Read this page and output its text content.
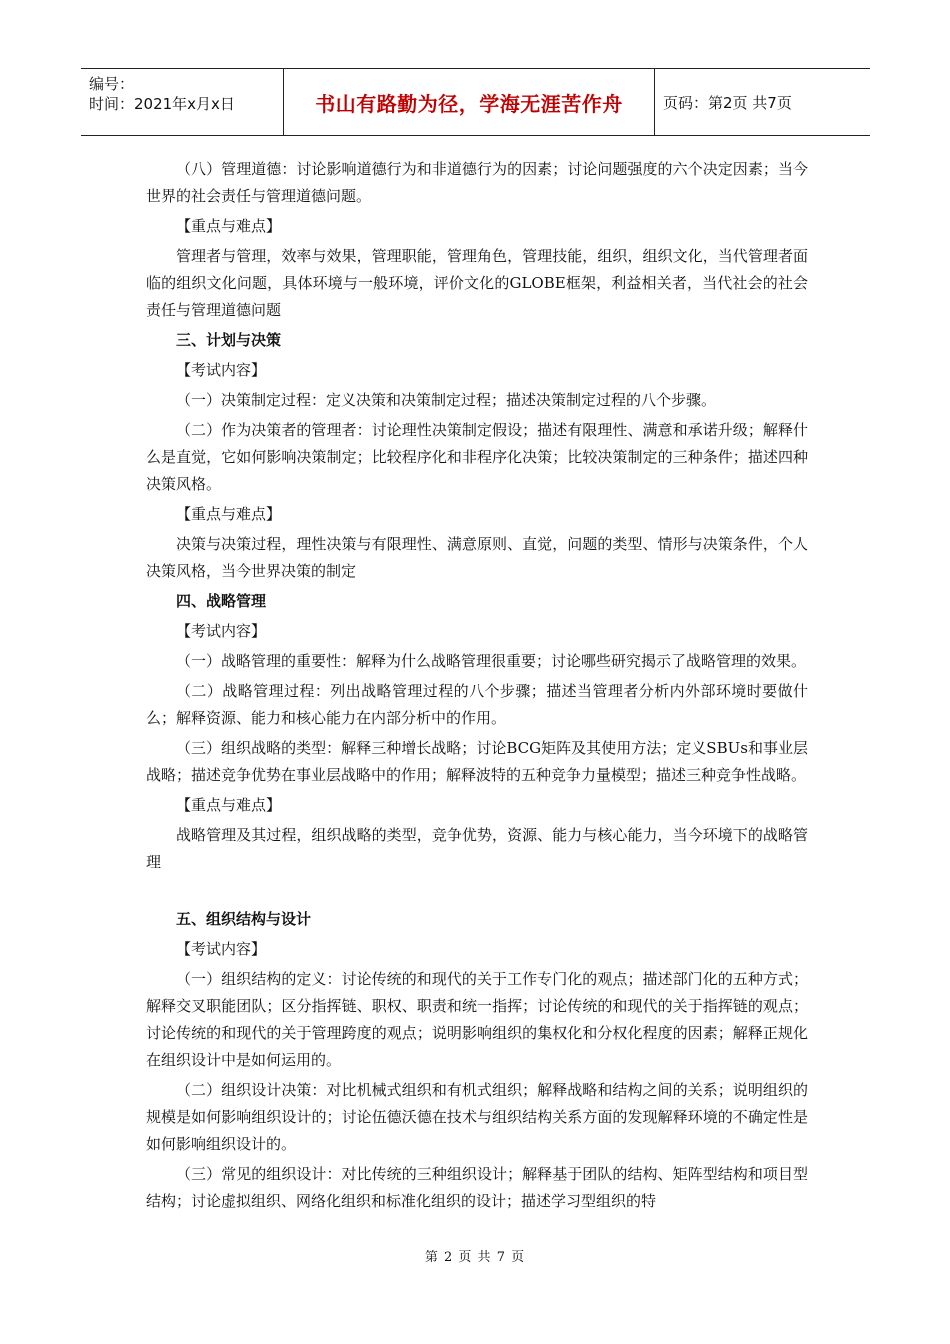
编号：
时间：2021年x月x日	书山有路勤为径，学海无涯苦作舟	页码：第2页 共7页
（八）管理道德：讨论影响道德行为和非道德行为的因素；讨论问题强度的六个决定因素；当今世界的社会责任与管理道德问题。
【重点与难点】
管理者与管理，效率与效果，管理职能，管理角色，管理技能，组织，组织文化，当代管理者面临的组织文化问题，具体环境与一般环境，评价文化的GLOBE框架，利益相关者，当代社会的社会责任与管理道德问题
三、计划与决策
【考试内容】
（一）决策制定过程：定义决策和决策制定过程；描述决策制定过程的八个步骤。
（二）作为决策者的管理者：讨论理性决策制定假设；描述有限理性、满意和承诺升级；解释什么是直觉，它如何影响决策制定；比较程序化和非程序化决策；比较决策制定的三种条件；描述四种决策风格。
【重点与难点】
决策与决策过程，理性决策与有限理性、满意原则、直觉，问题的类型、情形与决策条件，个人决策风格，当今世界决策的制定
四、战略管理
【考试内容】
（一）战略管理的重要性：解释为什么战略管理很重要；讨论哪些研究揭示了战略管理的效果。
（二）战略管理过程：列出战略管理过程的八个步骤；描述当管理者分析内外部环境时要做什么；解释资源、能力和核心能力在内部分析中的作用。
（三）组织战略的类型：解释三种增长战略；讨论BCG矩阵及其使用方法；定义SBUs和事业层战略；描述竞争优势在事业层战略中的作用；解释波特的五种竞争力量模型；描述三种竞争性战略。
【重点与难点】
战略管理及其过程，组织战略的类型，竞争优势，资源、能力与核心能力，当今环境下的战略管理
五、组织结构与设计
【考试内容】
（一）组织结构的定义：讨论传统的和现代的关于工作专门化的观点；描述部门化的五种方式；解释交叉职能团队；区分指挥链、职权、职责和统一指挥；讨论传统的和现代的关于指挥链的观点；讨论传统的和现代的关于管理跨度的观点；说明影响组织的集权化和分权化程度的因素；解释正规化在组织设计中是如何运用的。
（二）组织设计决策：对比机械式组织和有机式组织；解释战略和结构之间的关系；说明组织的规模是如何影响组织设计的；讨论伍德沃德在技术与组织结构关系方面的发现解释环境的不确定性是如何影响组织设计的。
（三）常见的组织设计：对比传统的三种组织设计；解释基于团队的结构、矩阵型结构和项目型结构；讨论虚拟组织、网络化组织和标准化组织的设计；描述学习型组织的特
第 2 页 共 7 页
